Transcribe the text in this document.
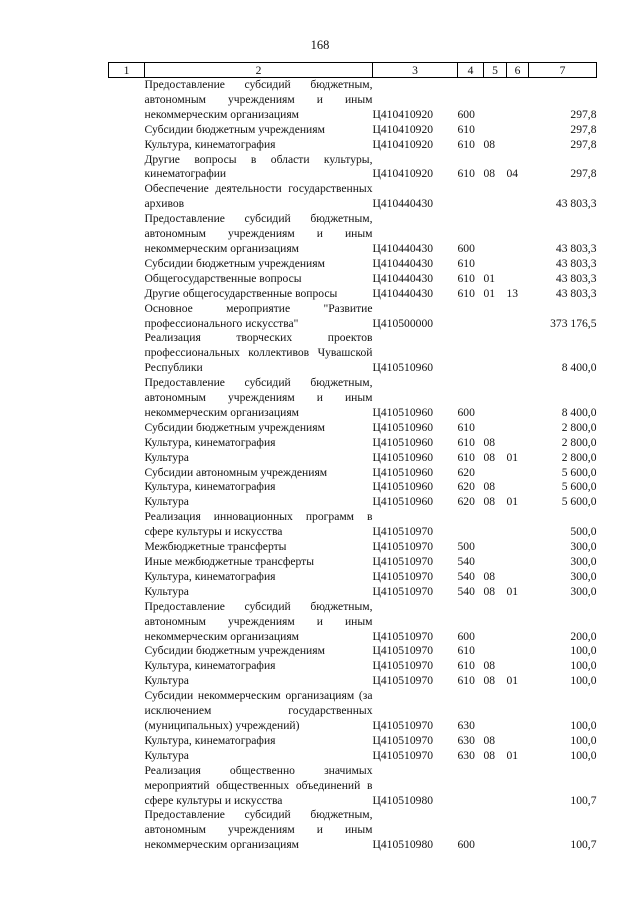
168
1	2	3	4	5	6	7
	Предоставление субсидий бюджетным, автономным учреждениям и иным некоммерческим организациям	Ц410410920	600			297,8
	Субсидии бюджетным учреждениям	Ц410410920	610			297,8
	Культура, кинематография	Ц410410920	610	08		297,8
	Другие вопросы в области культуры, кинематографии	Ц410410920	610	08	04	297,8
	Обеспечение деятельности государственных архивов	Ц410440430				43 803,3
	Предоставление субсидий бюджетным, автономным учреждениям и иным некоммерческим организациям	Ц410440430	600			43 803,3
	Субсидии бюджетным учреждениям	Ц410440430	610			43 803,3
	Общегосударственные вопросы	Ц410440430	610	01		43 803,3
	Другие общегосударственные вопросы	Ц410440430	610	01	13	43 803,3
	Основное мероприятие "Развитие профессионального искусства"	Ц410500000				373 176,5
	Реализация творческих проектов профессиональных коллективов Чувашской Республики	Ц410510960				8 400,0
	Предоставление субсидий бюджетным, автономным учреждениям и иным некоммерческим организациям	Ц410510960	600			8 400,0
	Субсидии бюджетным учреждениям	Ц410510960	610			2 800,0
	Культура, кинематография	Ц410510960	610	08		2 800,0
	Культура	Ц410510960	610	08	01	2 800,0
	Субсидии автономным учреждениям	Ц410510960	620			5 600,0
	Культура, кинематография	Ц410510960	620	08		5 600,0
	Культура	Ц410510960	620	08	01	5 600,0
	Реализация инновационных программ в сфере культуры и искусства	Ц410510970				500,0
	Межбюджетные трансферты	Ц410510970	500			300,0
	Иные межбюджетные трансферты	Ц410510970	540			300,0
	Культура, кинематография	Ц410510970	540	08		300,0
	Культура	Ц410510970	540	08	01	300,0
	Предоставление субсидий бюджетным, автономным учреждениям и иным некоммерческим организациям	Ц410510970	600			200,0
	Субсидии бюджетным учреждениям	Ц410510970	610			100,0
	Культура, кинематография	Ц410510970	610	08		100,0
	Культура	Ц410510970	610	08	01	100,0
	Субсидии некоммерческим организациям (за исключением государственных (муниципальных) учреждений)	Ц410510970	630			100,0
	Культура, кинематография	Ц410510970	630	08		100,0
	Культура	Ц410510970	630	08	01	100,0
	Реализация общественно значимых мероприятий общественных объединений в сфере культуры и искусства	Ц410510980				100,7
	Предоставление субсидий бюджетным, автономным учреждениям и иным некоммерческим организациям	Ц410510980	600			100,7
